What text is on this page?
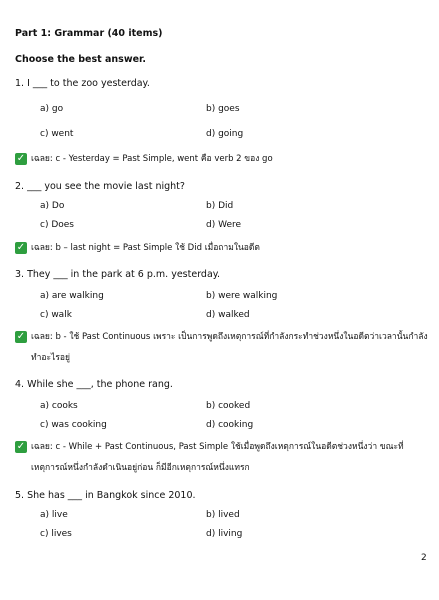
Part 1: Grammar (40 items)
Choose the best answer.
1. I ___ to the zoo yesterday.
a) go	b) goes
c) went	d) going
✓ เฉลย: c - Yesterday = Past Simple, went คือ verb 2 ของ go
2. ___ you see the movie last night?
a) Do	b) Did
c) Does	d) Were
✓ เฉลย: b – last night = Past Simple ใช้ Did เมื่อถามในอดีต
3. They ___ in the park at 6 p.m. yesterday.
a) are walking	b) were walking
c) walk	d) walked
✓ เฉลย: b - ใช้ Past Continuous เพราะ เป็นการพูดถึงเหตุการณ์ที่กำลังกระทำช่วงหนึ่งในอดีตว่าเวลานั้นกำลังทำอะไรอยู่
4. While she ___, the phone rang.
a) cooks	b) cooked
c) was cooking	d) cooking
✓ เฉลย: c - While + Past Continuous, Past Simple ใช้เมื่อพูดถึงเหตุการณ์ในอดีตช่วงหนึ่งว่า ขณะที่เหตุการณ์หนึ่งกำลังดำเนินอยู่ก่อน ก็มีอีกเหตุการณ์หนึ่งแทรก
5. She has ___ in Bangkok since 2010.
a) live	b) lived
c) lives	d) living
2
